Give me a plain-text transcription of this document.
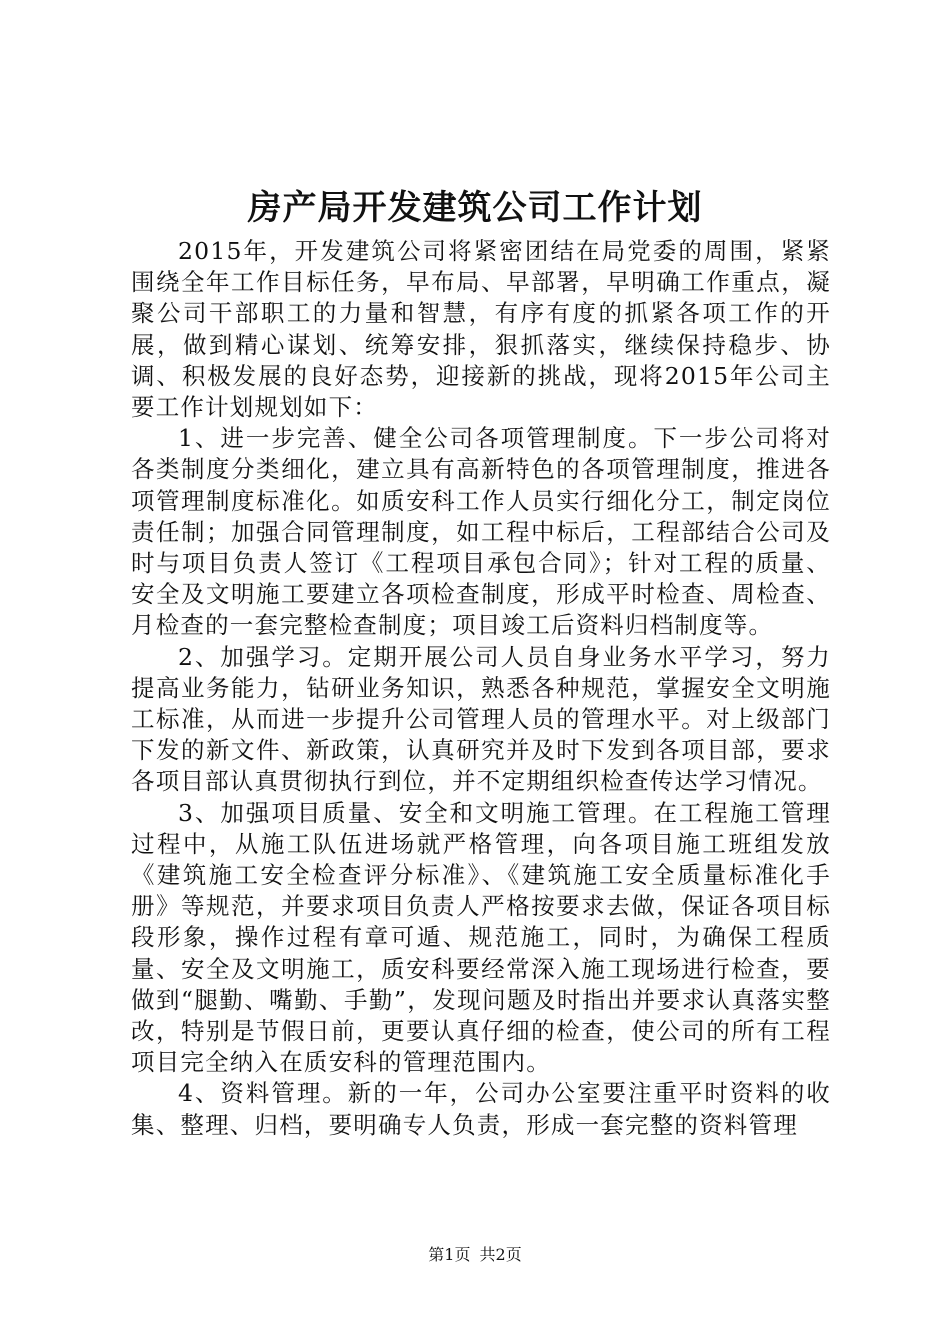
房产局开发建筑公司工作计划

2015年，开发建筑公司将紧密团结在局党委的周围，紧紧围绕全年工作目标任务，早布局、早部署，早明确工作重点，凝聚公司干部职工的力量和智慧，有序有度的抓紧各项工作的开展，做到精心谋划、统筹安排，狠抓落实，继续保持稳步、协调、积极发展的良好态势，迎接新的挑战，现将2015年公司主要工作计划规划如下：

1、进一步完善、健全公司各项管理制度。下一步公司将对各类制度分类细化，建立具有高新特色的各项管理制度，推进各项管理制度标准化。如质安科工作人员实行细化分工，制定岗位责任制；加强合同管理制度，如工程中标后，工程部结合公司及时与项目负责人签订《工程项目承包合同》；针对工程的质量、安全及文明施工要建立各项检查制度，形成平时检查、周检查、月检查的一套完整检查制度；项目竣工后资料归档制度等。

2、加强学习。定期开展公司人员自身业务水平学习，努力提高业务能力，钻研业务知识，熟悉各种规范，掌握安全文明施工标准，从而进一步提升公司管理人员的管理水平。对上级部门下发的新文件、新政策，认真研究并及时下发到各项目部，要求各项目部认真贯彻执行到位，并不定期组织检查传达学习情况。

3、加强项目质量、安全和文明施工管理。在工程施工管理过程中，从施工队伍进场就严格管理，向各项目施工班组发放《建筑施工安全检查评分标准》、《建筑施工安全质量标准化手册》等规范，并要求项目负责人严格按要求去做，保证各项目标段形象，操作过程有章可遁、规范施工，同时，为确保工程质量、安全及文明施工，质安科要经常深入施工现场进行检查，要做到“腿勤、嘴勤、手勤”，发现问题及时指出并要求认真落实整改，特别是节假日前，更要认真仔细的检查，使公司的所有工程项目完全纳入在质安科的管理范围内。

4、资料管理。新的一年，公司办公室要注重平时资料的收集、整理、归档，要明确专人负责，形成一套完整的资料管理

第1页 共2页
